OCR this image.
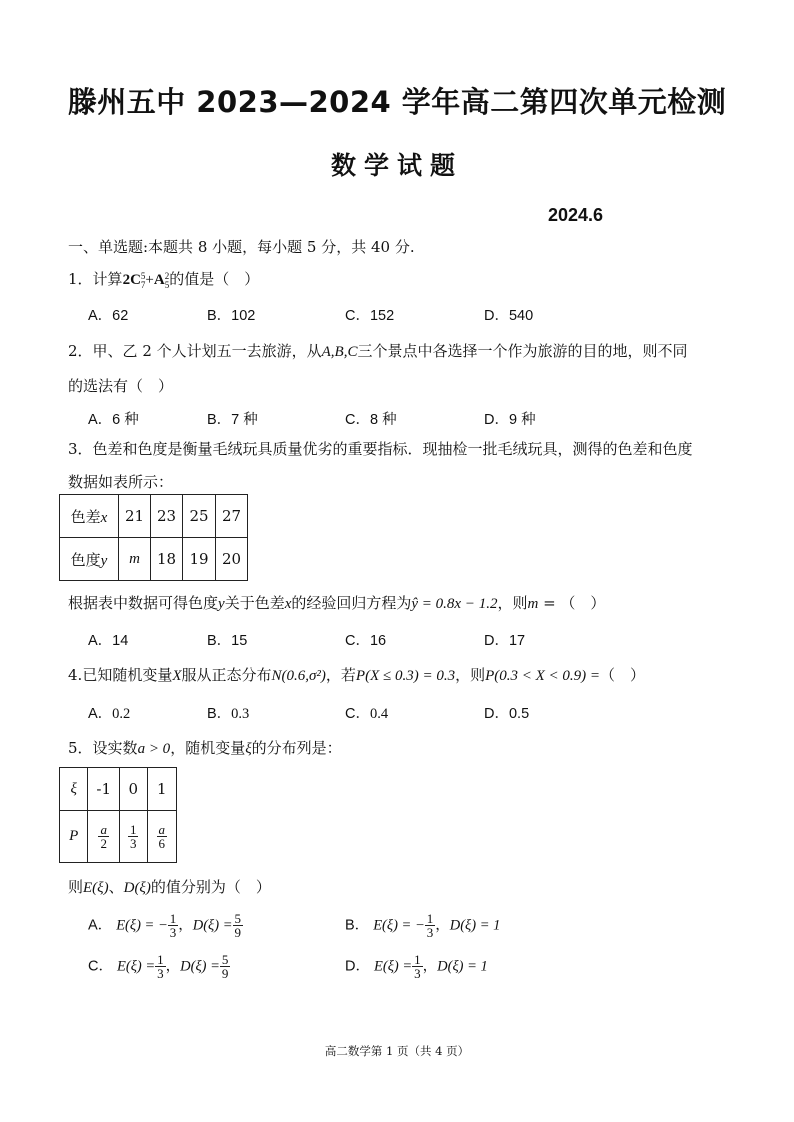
滕州五中 2023—2024 学年高二第四次单元检测
数学试题
2024.6
一、单选题:本题共 8 小题，每小题 5 分，共 40 分.
1．计算2C 5
7 +A 2
5 的值是（　）
A．62	B．102	C．152	D．540
2．甲、乙 2 个人计划五一去旅游，从A,B,C三个景点中各选择一个作为旅游的目的地，则不同
的选法有（　）
A．6 种	B．7 种	C．8 种	D．9 种
3．色差和色度是衡量毛绒玩具质量优劣的重要指标．现抽检一批毛绒玩具，测得的色差和色度
数据如表所示：
色差x	21	23	25	27
色度y	m	18	19	20
根据表中数据可得色度y关于色差x的经验回归方程为ŷ = 0.8x − 1.2，则m = （　）
A．14	B．15	C．16	D．17
4.已知随机变量X服从正态分布N(0.6,σ²)，若P(X ≤ 0.3) = 0.3，则P(0.3 < X < 0.9) =（　）
A．0.2	B．0.3	C．0.4	D．0.5
5．设实数a > 0，随机变量ξ的分布列是：
ξ	-1	0	1
P	$\frac{a}{2}$	$\frac{1}{3}$	$\frac{a}{6}$
则E(ξ)、D(ξ)的值分别为（　）
A． E(ξ) = − $\frac{1}{3}$ ，$D(\xi) = \frac{5}{9}$	B． E(ξ) = − $\frac{1}{3}$ ，D(ξ) = 1
C． $E(\xi) = \frac{1}{3}$ ，$D(\xi) = \frac{5}{9}$	D． $E(\xi) = \frac{1}{3}$ ，D(ξ) = 1
高二数学第 1 页（共 4 页）
